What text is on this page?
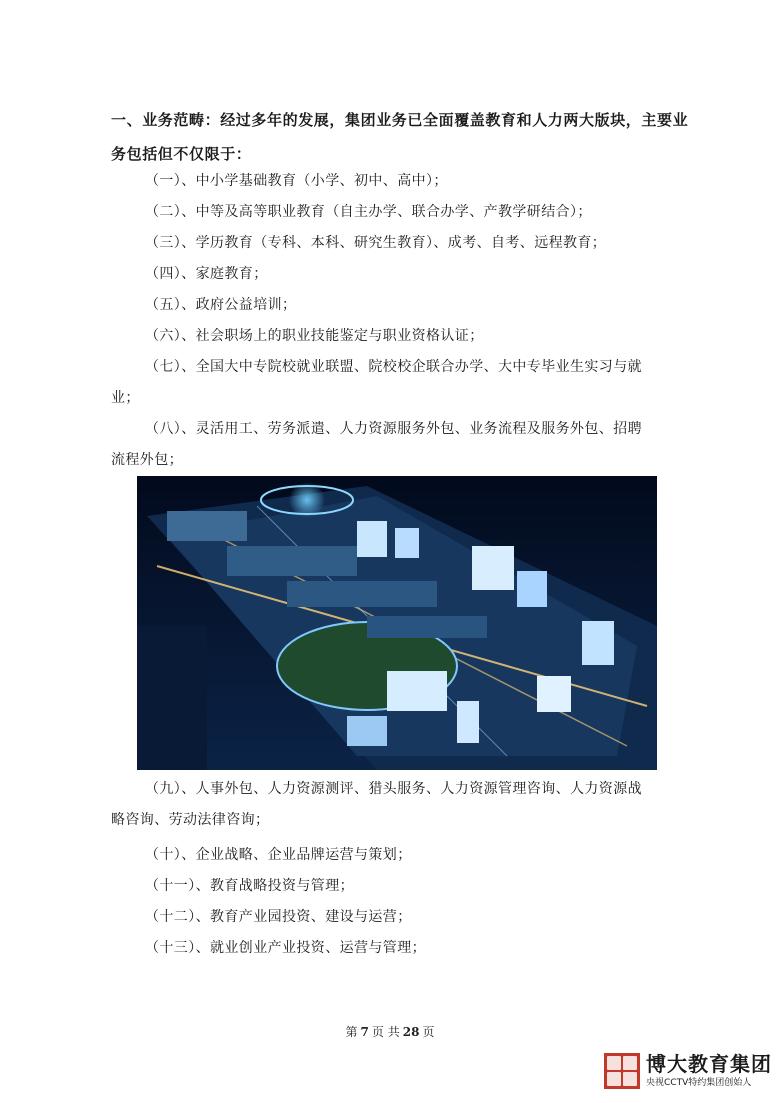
一、业务范畴：经过多年的发展，集团业务已全面覆盖教育和人力两大版块，主要业
务包括但不仅限于：
（一）、中小学基础教育（小学、初中、高中）；
（二）、中等及高等职业教育（自主办学、联合办学、产教学研结合）；
（三）、学历教育（专科、本科、研究生教育）、成考、自考、远程教育；
（四）、家庭教育；
（五）、政府公益培训；
（六）、社会职场上的职业技能鉴定与职业资格认证；
（七）、全国大中专院校就业联盟、院校校企联合办学、大中专毕业生实习与就
业；
（八）、灵活用工、劳务派遣、人力资源服务外包、业务流程及服务外包、招聘
流程外包；
（九）、人事外包、人力资源测评、猎头服务、人力资源管理咨询、人力资源战
略咨询、劳动法律咨询；
（十）、企业战略、企业品牌运营与策划；
（十一）、教育战略投资与管理；
（十二）、教育产业园投资、建设与运营；
（十三）、就业创业产业投资、运营与管理；
第 7 页 共 28 页
博大教育集团
央视CCTV特约集团创始人
